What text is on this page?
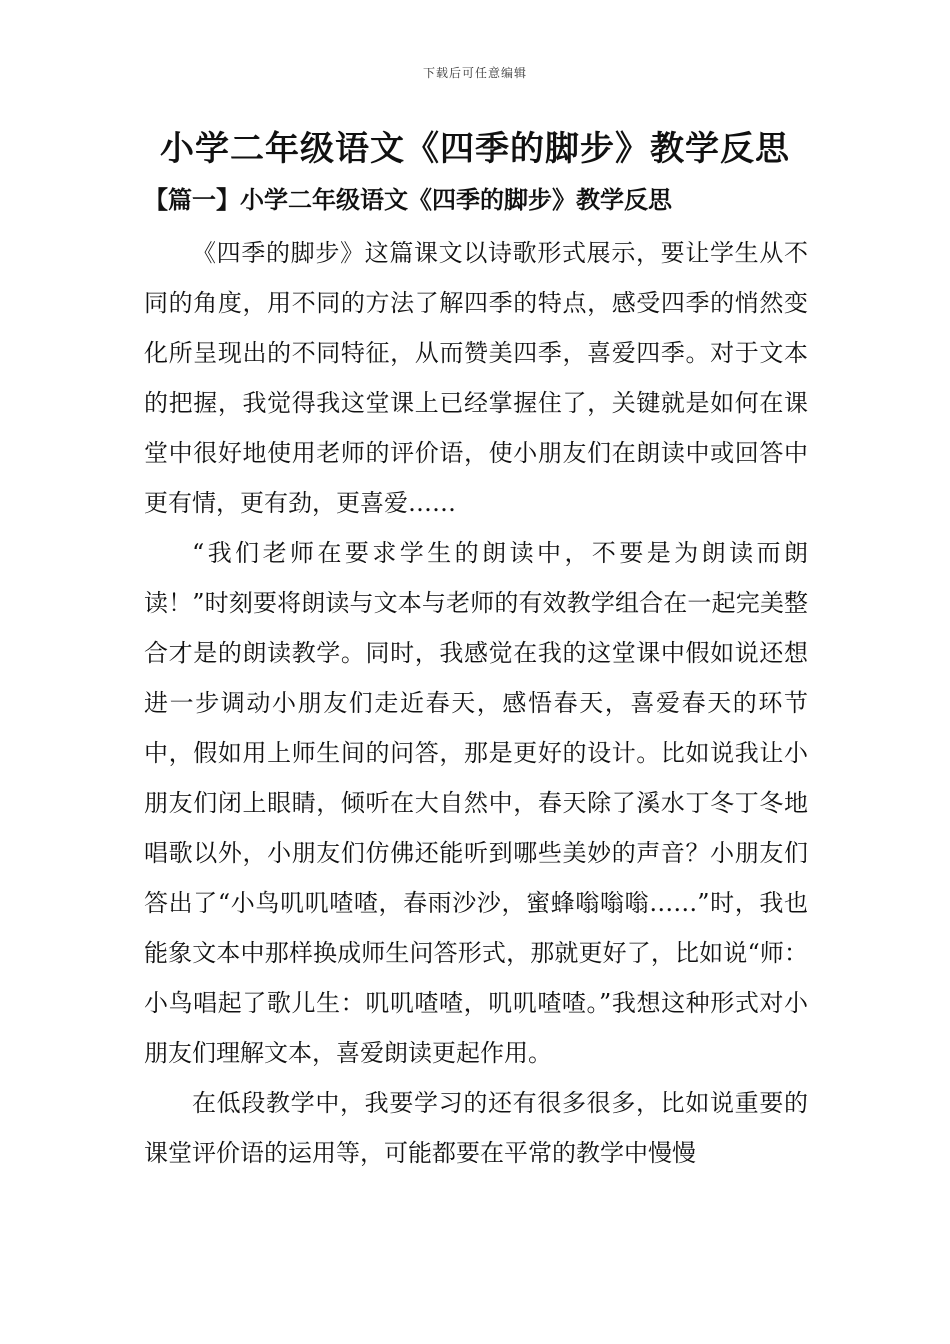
下载后可任意编辑
小学二年级语文《四季的脚步》教学反思
【篇一】小学二年级语文《四季的脚步》教学反思

《四季的脚步》这篇课文以诗歌形式展示，要让学生从不同的角度，用不同的方法了解四季的特点，感受四季的悄然变化所呈现出的不同特征，从而赞美四季，喜爱四季。对于文本的把握，我觉得我这堂课上已经掌握住了，关键就是如何在课堂中很好地使用老师的评价语，使小朋友们在朗读中或回答中更有情，更有劲，更喜爱……

“我们老师在要求学生的朗读中，不要是为朗读而朗读！”时刻要将朗读与文本与老师的有效教学组合在一起完美整合才是的朗读教学。同时，我感觉在我的这堂课中假如说还想进一步调动小朋友们走近春天，感悟春天，喜爱春天的环节中，假如用上师生间的问答，那是更好的设计。比如说我让小朋友们闭上眼睛，倾听在大自然中，春天除了溪水丁冬丁冬地唱歌以外，小朋友们仿佛还能听到哪些美妙的声音？小朋友们答出了“小鸟叽叽喳喳，春雨沙沙，蜜蜂嗡嗡嗡……”时，我也能象文本中那样换成师生问答形式，那就更好了，比如说“师：小鸟唱起了歌儿生：叽叽喳喳，叽叽喳喳。”我想这种形式对小朋友们理解文本，喜爱朗读更起作用。

在低段教学中，我要学习的还有很多很多，比如说重要的课堂评价语的运用等，可能都要在平常的教学中慢慢
